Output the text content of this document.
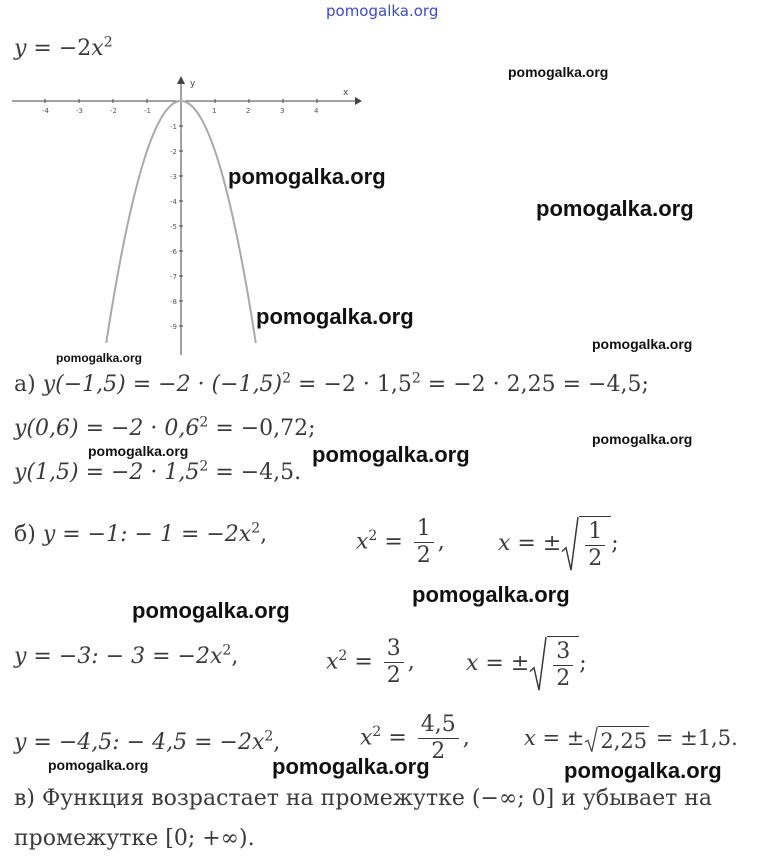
pomogalka.org
$y = -2x^2$
x
y
-4	-3	-2	-1	1	2	3	4
-1
-2
-3
-4
-5
-6
-7
-8
-9
pomogalka.org
pomogalka.org
pomogalka.org
pomogalka.org
pomogalka.org
pomogalka.org
а) $y(-1,5) = -2 \cdot (-1,5)^2 = -2 \cdot 1,5^2 = -2 \cdot 2,25 = -4,5$;
$y(0,6) = -2 \cdot 0,6^2 = -0,72$;
$y(1,5) = -2 \cdot 1,5^2 = -4,5$.
pomogalka.org
pomogalka.org	pomogalka.org
б) y = −1: − $1 = -2x^2$,	$x^2 = \frac{1}{2}$ , x = ± $\frac{1}{2}$ ;
pomogalka.org
pomogalka.org
y = −3: − $3 = -2x^2$,	$x^2 = \frac{3}{2}$ , x = ± $\frac{3}{2}$ ;
y = −4,5: − $4,5 = -2x^2$,	$x^2 = \frac{4,5}{2}$ ,	x = ± 2,25 = ±1,5.
pomogalka.org	pomogalka.org	pomogalka.org
в) Функция возрастает на промежутке (−∞; 0] и убывает на
промежутке [0; +∞).
